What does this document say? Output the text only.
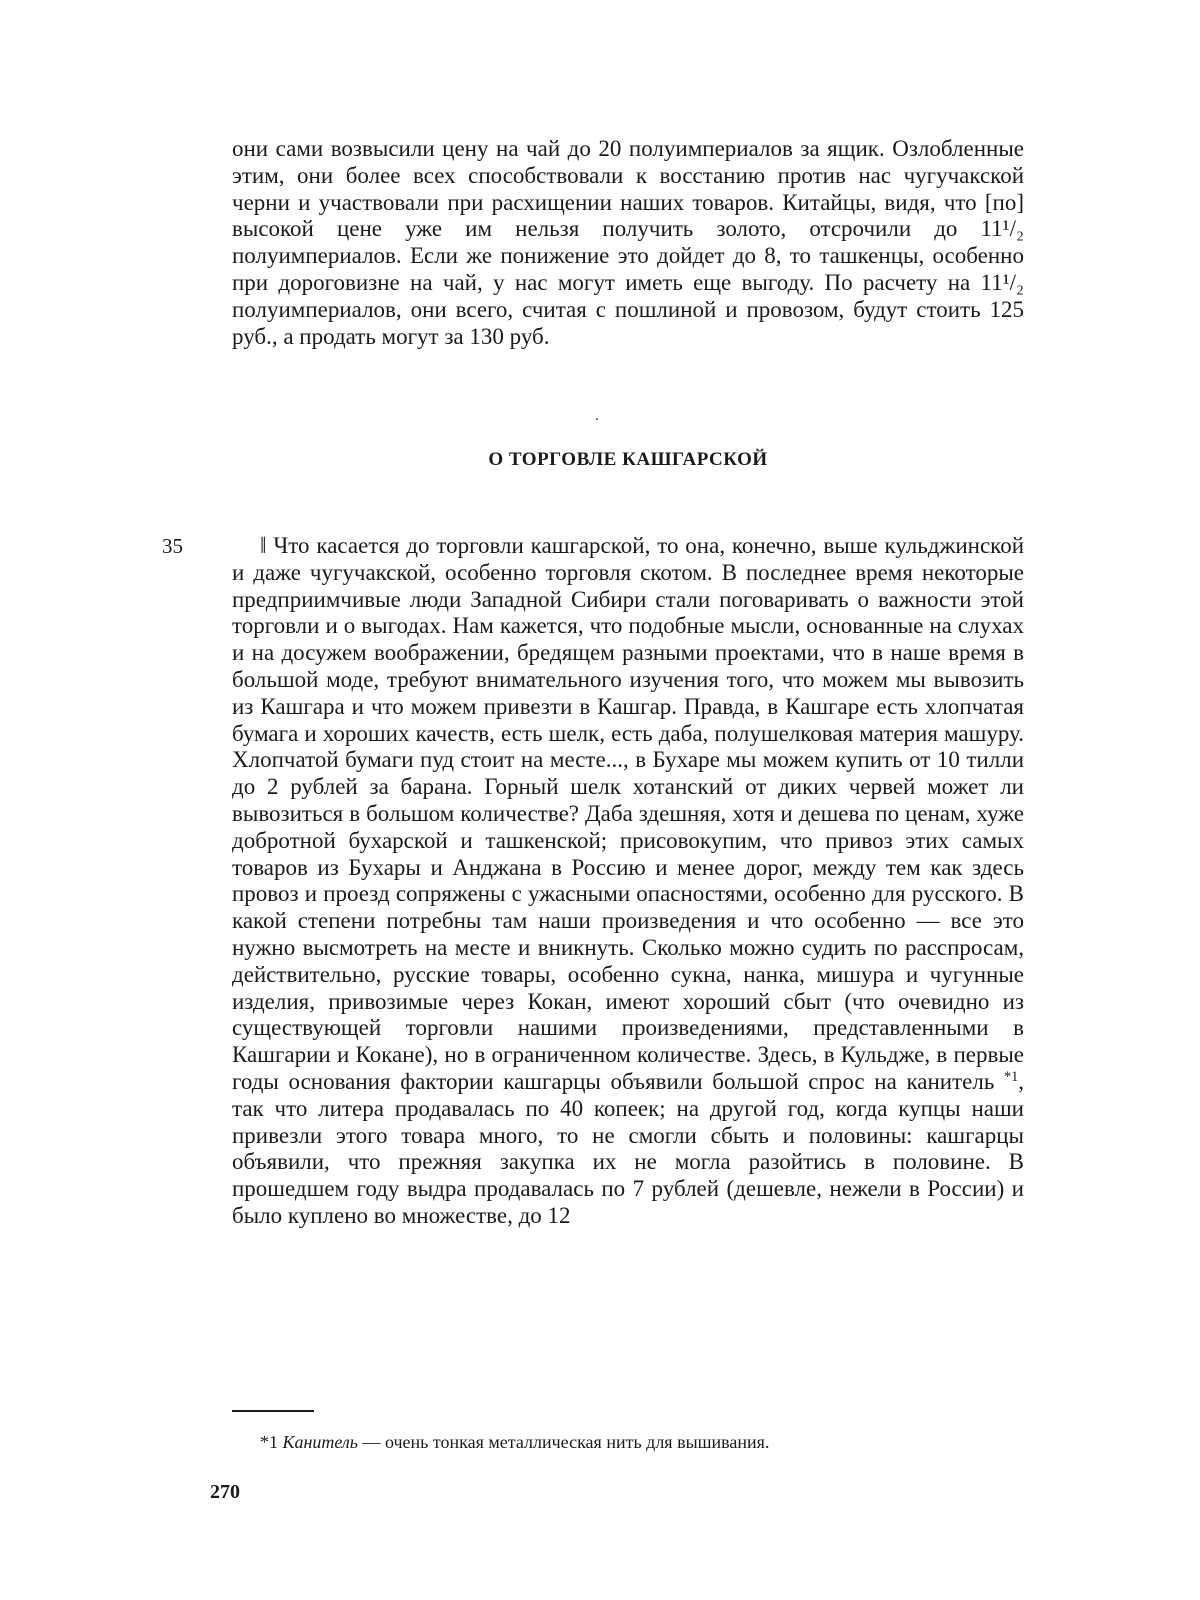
они сами возвысили цену на чай до 20 полуимпериалов за ящик. Озлобленные этим, они более всех способствовали к восстанию против нас чугучакской черни и участвовали при расхищении наших товаров. Китайцы, видя, что [по] высокой цене уже им нельзя получить золото, отсрочили до 11¹/₂ полуимпериалов. Если же понижение это дойдет до 8, то ташкенцы, особенно при дороговизне на чай, у нас могут иметь еще выгоду. По расчету на 11¹/₂ полуимпериалов, они всего, считая с пошлиной и провозом, будут стоить 125 руб., а продать могут за 130 руб.

О ТОРГОВЛЕ КАШГАРСКОЙ
35	‖ Что касается до торговли кашгарской, то она, конечно, выше кульджинской и даже чугучакской, особенно торговля скотом. В последнее время некоторые предприимчивые люди Западной Сибири стали поговаривать о важности этой торговли и о выгодах. Нам кажется, что подобные мысли, основанные на слухах и на досужем воображении, бредящем разными проектами, что в наше время в большой моде, требуют внимательного изучения того, что можем мы вывозить из Кашгара и что можем привезти в Кашгар. Правда, в Кашгаре есть хлопчатая бумага и хороших качеств, есть шелк, есть даба, полушелковая материя машуру. Хлопчатой бумаги пуд стоит на месте..., в Бухаре мы можем купить от 10 тилли до 2 рублей за барана. Горный шелк хотанский от диких червей может ли вывозиться в большом количестве? Даба здешняя, хотя и дешева по ценам, хуже добротной бухарской и ташкенской; присовокупим, что привоз этих самых товаров из Бухары и Анджана в Россию и менее дорог, между тем как здесь провоз и проезд сопряжены с ужасными опасностями, особенно для русского. В какой степени потребны там наши произведения и что особенно — все это нужно высмотреть на месте и вникнуть. Сколько можно судить по расспросам, действительно, русские товары, особенно сукна, нанка, мишура и чугунные изделия, привозимые через Кокан, имеют хороший сбыт (что очевидно из существующей торговли нашими произведениями, представленными в Кашгарии и Кокане), но в ограниченном количестве. Здесь, в Кульдже, в первые годы основания фактории кашгарцы объявили большой спрос на канитель $^{*1}$, так что литера продавалась по 40 копеек; на другой год, когда купцы наши привезли этого товара много, то не смогли сбыть и половины: кашгарцы объявили, что прежняя закупка их не могла разойтись в половине. В прошедшем году выдра продавалась по 7 рублей (дешевле, нежели в России) и было куплено во множестве, до 12

*1 Канитель — очень тонкая металлическая нить для вышивания.
270
